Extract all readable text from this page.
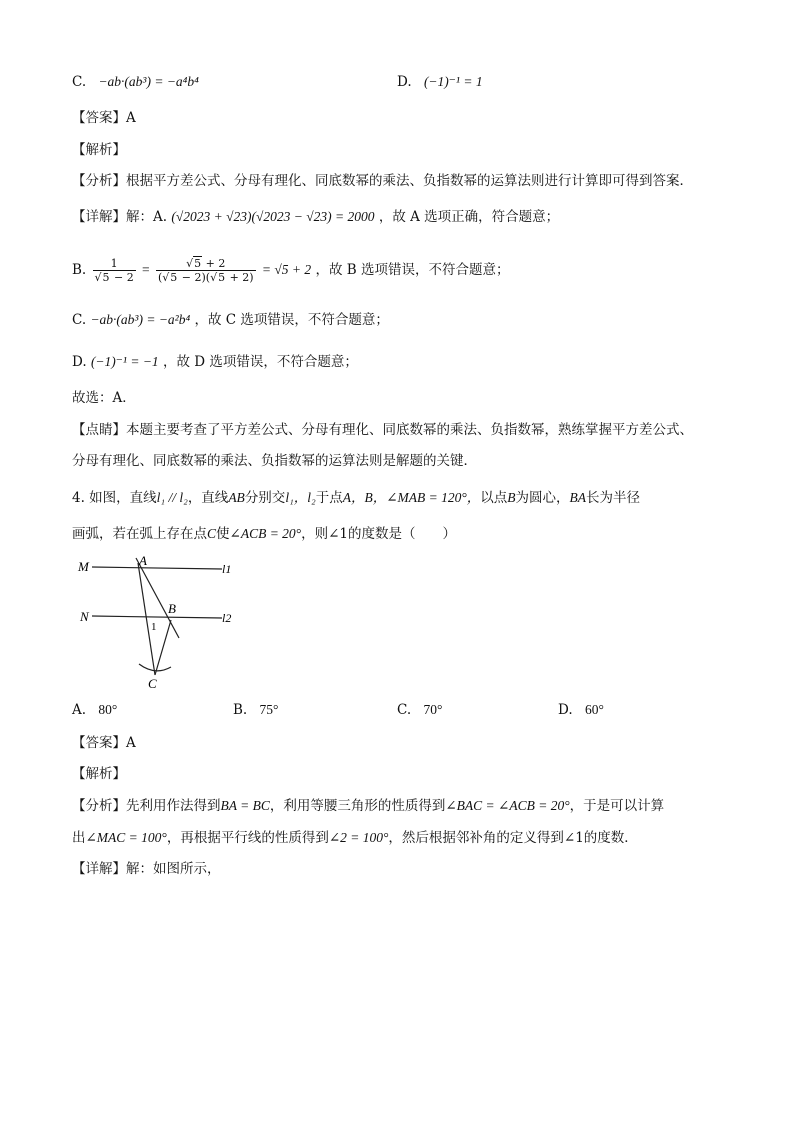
C. −ab·(ab³) = −a⁴b⁴	D. (−1)⁻¹ = 1
【答案】A
【解析】
【分析】根据平方差公式、分母有理化、同底数幂的乘法、负指数幂的运算法则进行计算即可得到答案．
【详解】解：A. (√2023 + √23)(√2023 − √23) = 2000 ，故 A 选项正确，符合题意；
B. $\frac{1}{√5 - 2} = \frac{√5 + 2}{(√5 - 2)(√5 + 2)} = √5 + 2$ ，故 B 选项错误，不符合题意；
C. −ab·(ab³) = −a²b⁴ ，故 C 选项错误，不符合题意；
D. (−1)⁻¹ = −1 ，故 D 选项错误，不符合题意；
故选：A．
【点睛】本题主要考查了平方差公式、分母有理化、同底数幂的乘法、负指数幂，熟练掌握平方差公式、
分母有理化、同底数幂的乘法、负指数幂的运算法则是解题的关键．
4. 如图，直线l₁ // l₂，直线AB分别交l₁，l₂于点A，B，∠MAB = 120°，以点B为圆心，BA长为半径
画弧，若在弧上存在点C使∠ACB = 20°，则∠1的度数是（　　）
M	A
l1
N
B
l2
1
C
A. 80°	B. 75°	C. 70°	D. 60°
【答案】A
【解析】
【分析】先利用作法得到BA = BC，利用等腰三角形的性质得到∠BAC = ∠ACB = 20°，于是可以计算
出∠MAC = 100°，再根据平行线的性质得到∠2 = 100°，然后根据邻补角的定义得到∠1的度数．
【详解】解：如图所示，
